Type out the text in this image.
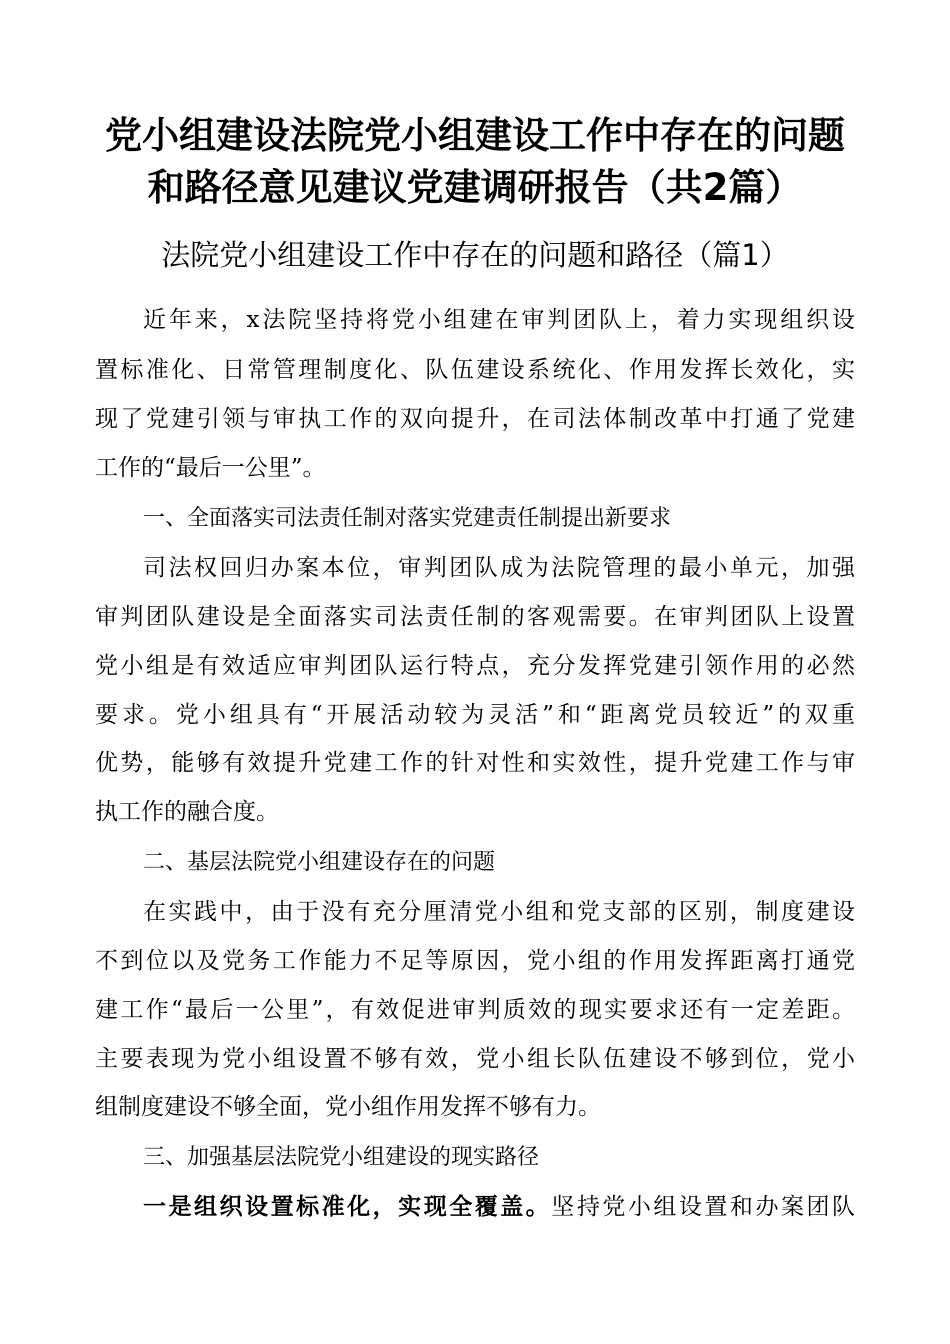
党小组建设法院党小组建设工作中存在的问题
和路径意见建议党建调研报告（共2篇）
法院党小组建设工作中存在的问题和路径（篇1）
近年来，x法院坚持将党小组建在审判团队上，着力实现组织设
置标准化、日常管理制度化、队伍建设系统化、作用发挥长效化，实
现了党建引领与审执工作的双向提升，在司法体制改革中打通了党建
工作的“最后一公里”。
一、全面落实司法责任制对落实党建责任制提出新要求
司法权回归办案本位，审判团队成为法院管理的最小单元，加强
审判团队建设是全面落实司法责任制的客观需要。在审判团队上设置
党小组是有效适应审判团队运行特点，充分发挥党建引领作用的必然
要求。党小组具有“开展活动较为灵活”和“距离党员较近”的双重
优势，能够有效提升党建工作的针对性和实效性，提升党建工作与审
执工作的融合度。
二、基层法院党小组建设存在的问题
在实践中，由于没有充分厘清党小组和党支部的区别，制度建设
不到位以及党务工作能力不足等原因，党小组的作用发挥距离打通党
建工作“最后一公里”，有效促进审判质效的现实要求还有一定差距。
主要表现为党小组设置不够有效，党小组长队伍建设不够到位，党小
组制度建设不够全面，党小组作用发挥不够有力。
三、加强基层法院党小组建设的现实路径
一是组织设置标准化，实现全覆盖。坚持党小组设置和办案团队
